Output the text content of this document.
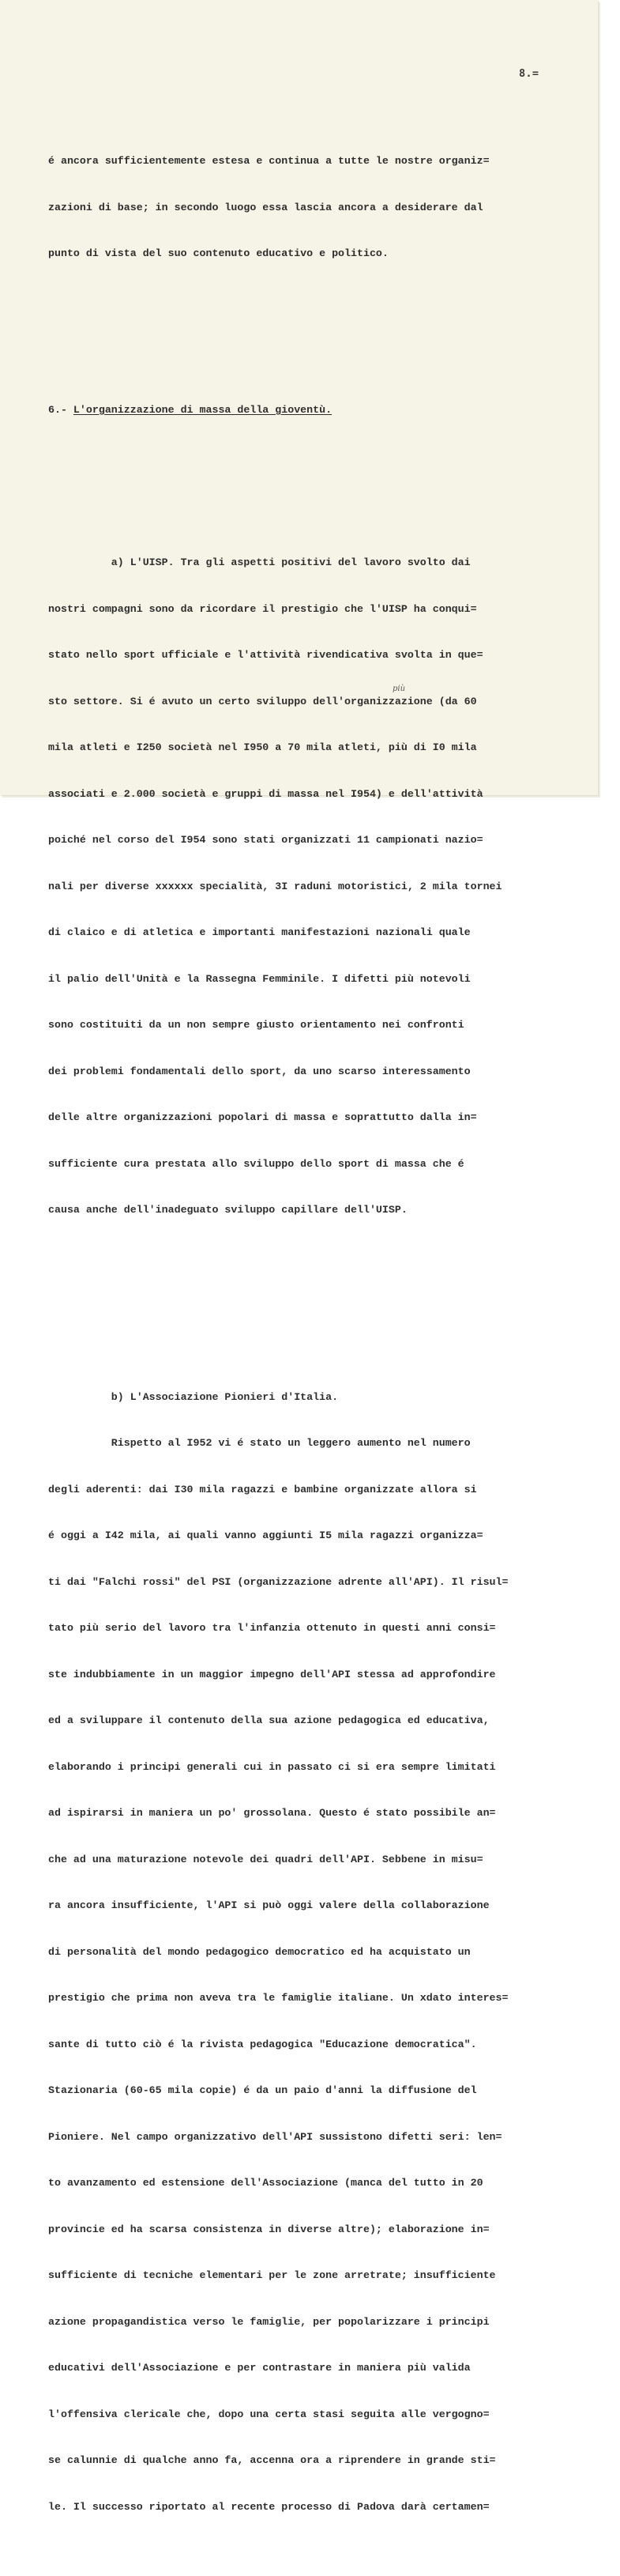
8.=

é ancora sufficientemente estesa e continua a tutte le nostre organiz=

zazioni di base; in secondo luogo essa lascia ancora a desiderare dal

punto di vista del suo contenuto educativo e politico.

6.- L'organizzazione di massa della gioventù.

a) L'UISP. Tra gli aspetti positivi del lavoro svolto dai

nostri compagni sono da ricordare il prestigio che l'UISP ha conqui=

stato nello sport ufficiale e l'attività rivendicativa svolta in que=

sto settore. Si é avuto un certo sviluppo dell'organizzazione (da 60

mila atleti e I250 società nel I950 a 70 mila atleti, più di I0 mila

associati e 2.000 società e gruppi di massa nel I954) e dell'attività

poiché nel corso del I954 sono stati organizzati 11 campionati nazio=

nali per diverse xxxxxx specialità, 3I raduni motoristici, 2 mila tornei

di claico e di atletica e importanti manifestazioni nazionali quale

il palio dell'Unità e la Rassegna Femminile. I difetti più notevoli

sono costituiti da un non sempre giusto orientamento nei confronti

dei problemi fondamentali dello sport, da uno scarso interessamento

delle altre organizzazioni popolari di massa e soprattutto dalla in=

sufficiente cura prestata allo sviluppo dello sport di massa che é

causa anche dell'inadeguato sviluppo capillare dell'UISP.

b) L'Associazione Pionieri d'Italia.

Rispetto al I952 vi é stato un leggero aumento nel numero

degli aderenti: dai I30 mila ragazzi e bambine organizzate allora si

é oggi a I42 mila, ai quali vanno aggiunti I5 mila ragazzi organizza=

ti dai "Falchi rossi" del PSI (organizzazione adrente all'API). Il risul=

tato più serio del lavoro tra l'infanzia ottenuto in questi anni consi=

ste indubbiamente in un maggior impegno dell'API stessa ad approfondire

ed a sviluppare il contenuto della sua azione pedagogica ed educativa,

elaborando i principi generali cui in passato ci si era sempre limitati

ad ispirarsi in maniera un po' grossolana. Questo é stato possibile an=

che ad una maturazione notevole dei quadri dell'API. Sebbene in misu=

ra ancora insufficiente, l'API si può oggi valere della collaborazione

di personalità del mondo pedagogico democratico ed ha acquistato un

prestigio che prima non aveva tra le famiglie italiane. Un xdato interes=

sante di tutto ciò é la rivista pedagogica "Educazione democratica".

Stazionaria (60-65 mila copie) é da un paio d'anni la diffusione del

Pioniere. Nel campo organizzativo dell'API sussistono difetti seri: len=

to avanzamento ed estensione dell'Associazione (manca del tutto in 20

provincie ed ha scarsa consistenza in diverse altre); elaborazione in=

sufficiente di tecniche elementari per le zone arretrate; insufficiente

azione propagandistica verso le famiglie, per popolarizzare i principi

educativi dell'Associazione e per contrastare in maniera più valida

l'offensiva clericale che, dopo una certa stasi seguita alle vergogno=

se calunnie di qualche anno fa, accenna ora a riprendere in grande sti=

le. Il successo riportato al recente processo di Padova darà certamen=

più
